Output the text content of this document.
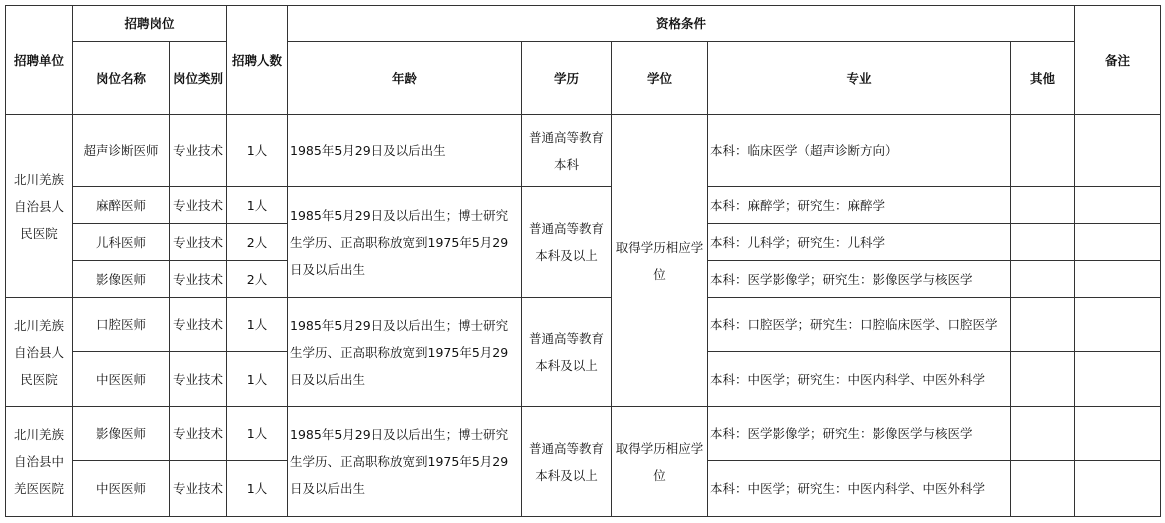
招聘单位	招聘岗位		招聘人数	资格条件					备注
	岗位名称	岗位类别		年龄	学历	学位	专业	其他	
北川羌族自治县人民医院	超声诊断医师	专业技术	1人	1985年5月29日及以后出生	普通高等教育本科	取得学历相应学位	本科：临床医学（超声诊断方向）		
	麻醉医师	专业技术	1人	1985年5月29日及以后出生；博士研究生学历、正高职称放宽到1975年5月29日及以后出生	普通高等教育本科及以上		本科：麻醉学；研究生：麻醉学		
	儿科医师	专业技术	2人				本科：儿科学；研究生：儿科学		
	影像医师	专业技术	2人				本科：医学影像学；研究生：影像医学与核医学		
北川羌族自治县人民医院	口腔医师	专业技术	1人	1985年5月29日及以后出生；博士研究生学历、正高职称放宽到1975年5月29日及以后出生	普通高等教育本科及以上		本科：口腔医学；研究生：口腔临床医学、口腔医学		
	中医医师	专业技术	1人				本科：中医学；研究生：中医内科学、中医外科学		
北川羌族自治县中羌医医院	影像医师	专业技术	1人	1985年5月29日及以后出生；博士研究生学历、正高职称放宽到1975年5月29日及以后出生	普通高等教育本科及以上	取得学历相应学位	本科：医学影像学；研究生：影像医学与核医学		
	中医医师	专业技术	1人				本科：中医学；研究生：中医内科学、中医外科学		
